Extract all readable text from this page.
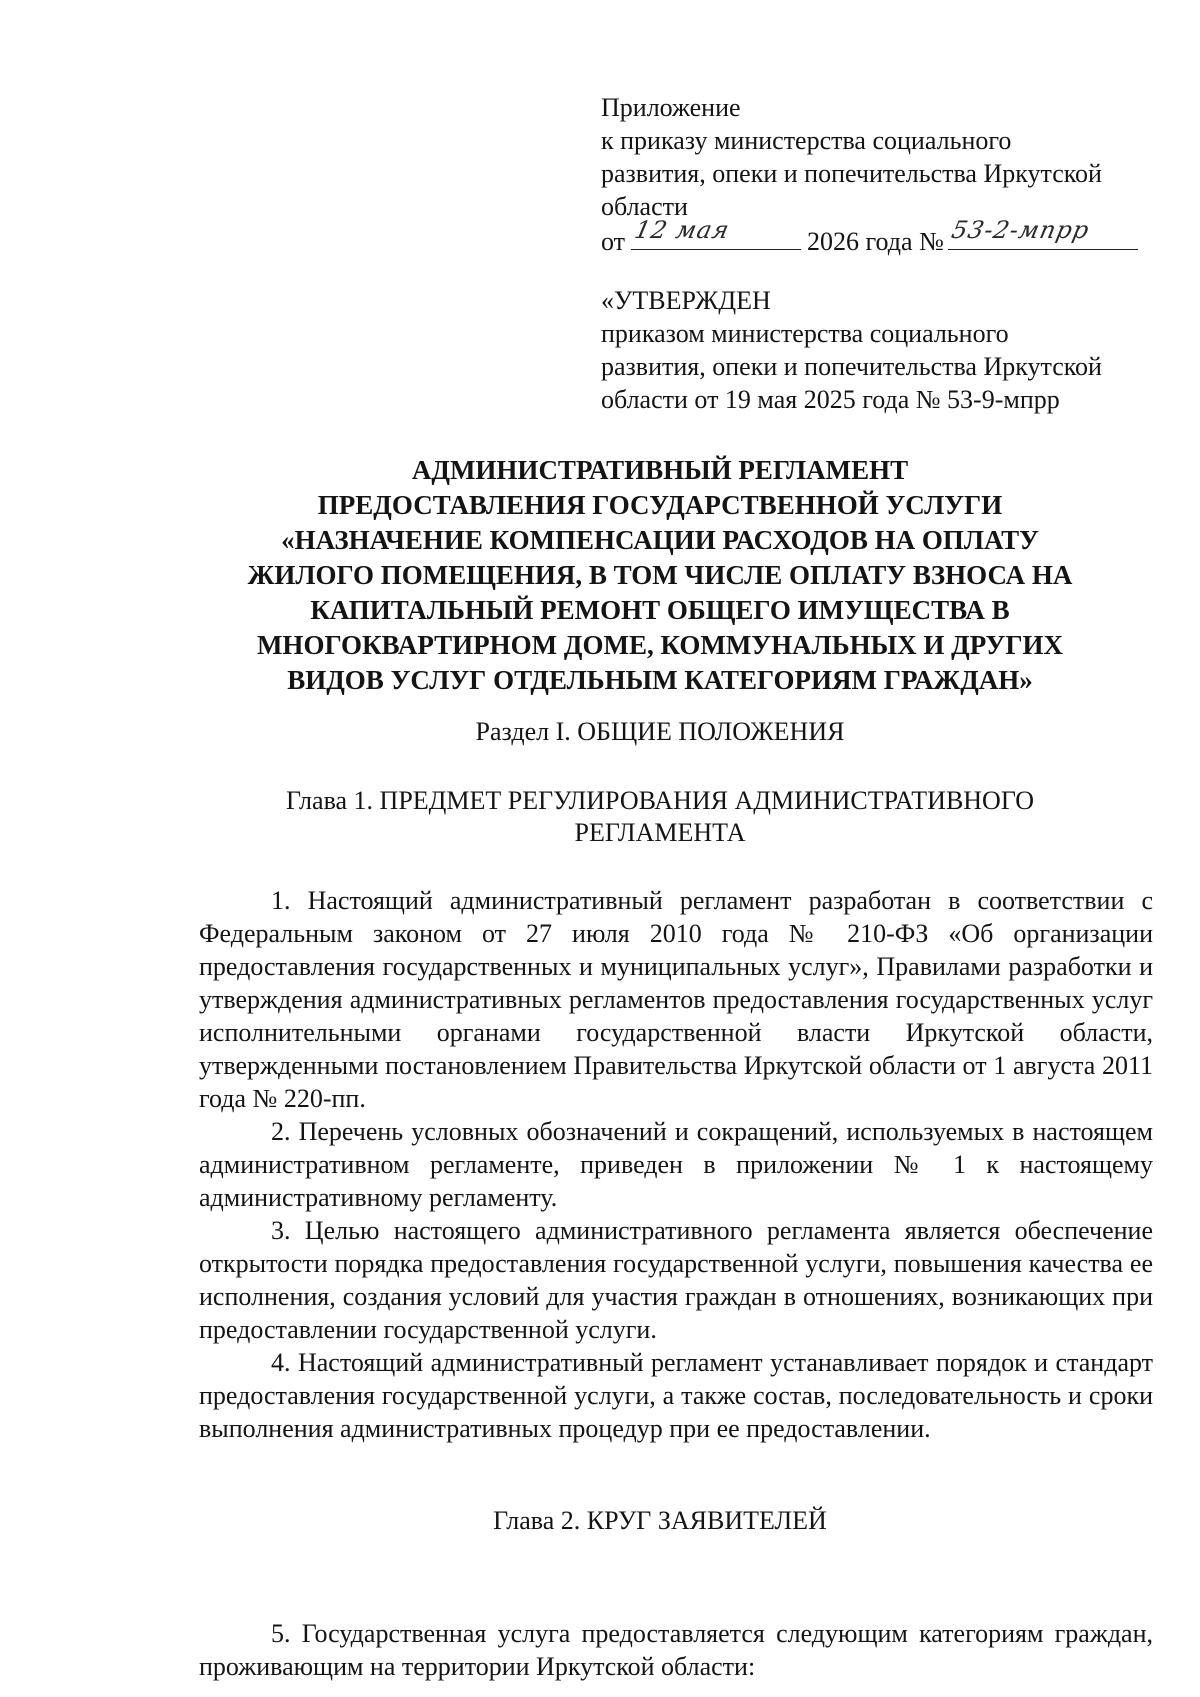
Приложение
к приказу министерства социального
развития, опеки и попечительства Иркутской
области
от 12 мая	2026 года № 53-2-мпрр
«УТВЕРЖДЕН
приказом министерства социального
развития, опеки и попечительства Иркутской
области от 19 мая 2025 года № 53-9-мпрр
АДМИНИСТРАТИВНЫЙ РЕГЛАМЕНТ
ПРЕДОСТАВЛЕНИЯ ГОСУДАРСТВЕННОЙ УСЛУГИ
«НАЗНАЧЕНИЕ КОМПЕНСАЦИИ РАСХОДОВ НА ОПЛАТУ
ЖИЛОГО ПОМЕЩЕНИЯ, В ТОМ ЧИСЛЕ ОПЛАТУ ВЗНОСА НА
КАПИТАЛЬНЫЙ РЕМОНТ ОБЩЕГО ИМУЩЕСТВА В
МНОГОКВАРТИРНОМ ДОМЕ, КОММУНАЛЬНЫХ И ДРУГИХ
ВИДОВ УСЛУГ ОТДЕЛЬНЫМ КАТЕГОРИЯМ ГРАЖДАН»
Раздел I. ОБЩИЕ ПОЛОЖЕНИЯ
Глава 1. ПРЕДМЕТ РЕГУЛИРОВАНИЯ АДМИНИСТРАТИВНОГО
РЕГЛАМЕНТА

1. Настоящий административный регламент разработан в соответствии с Федеральным законом от 27 июля 2010 года № 210-ФЗ «Об организации предоставления государственных и муниципальных услуг», Правилами разработки и утверждения административных регламентов предоставления государственных услуг исполнительными органами государственной власти Иркутской области, утвержденными постановлением Правительства Иркутской области от 1 августа 2011 года № 220-пп.

2. Перечень условных обозначений и сокращений, используемых в настоящем административном регламенте, приведен в приложении № 1 к настоящему административному регламенту.

3. Целью настоящего административного регламента является обеспечение открытости порядка предоставления государственной услуги, повышения качества ее исполнения, создания условий для участия граждан в отношениях, возникающих при предоставлении государственной услуги.

4. Настоящий административный регламент устанавливает порядок и стандарт предоставления государственной услуги, а также состав, последовательность и сроки выполнения административных процедур при ее предоставлении.

Глава 2. КРУГ ЗАЯВИТЕЛЕЙ

5. Государственная услуга предоставляется следующим категориям граждан, проживающим на территории Иркутской области:
